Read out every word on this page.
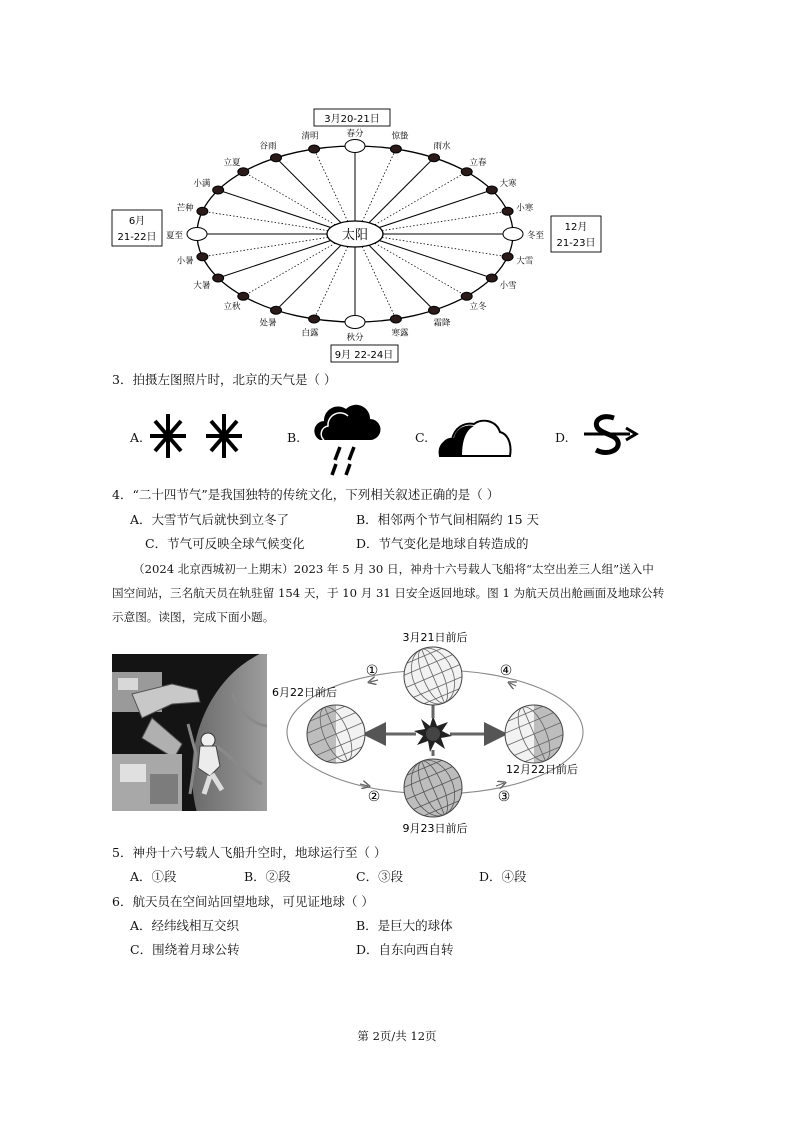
春分	惊蛰
雨水
立春
大寒
小寒
冬至
大雪
小雪
立冬
霜降
寒露
秋分
白露
处暑
立秋
大暑
小暑
夏至
芒种
小满
立夏
谷雨
清明
太阳
3月20-21日
6月
21-22日
12月
21-23日
9月 22-24日
3．拍摄左图照片时，北京的天气是（ ）
A.	B.	C.	D.
4．“二十四节气”是我国独特的传统文化，下列相关叙述正确的是（ ）
A．大雪节气后就快到立冬了	B．相邻两个节气间相隔约 15 天
C．节气可反映全球气候变化	D．节气变化是地球自转造成的
（2024 北京西城初一上期末）2023 年 5 月 30 日，神舟十六号载人飞船将“太空出差三人组”送入中
国空间站，三名航天员在轨驻留 154 天，于 10 月 31 日安全返回地球。图 1 为航天员出舱画面及地球公转
示意图。读图，完成下面小题。
3月21日前后
6月22日前后
12月22日前后
9月23日前后
①	④
②	③
5．神舟十六号载人飞船升空时，地球运行至（ ）
A．①段	B．②段	C．③段	D．④段
6．航天员在空间站回望地球，可见证地球（ ）
A．经纬线相互交织	B．是巨大的球体
C．围绕着月球公转	D．自东向西自转
第 2页/共 12页
